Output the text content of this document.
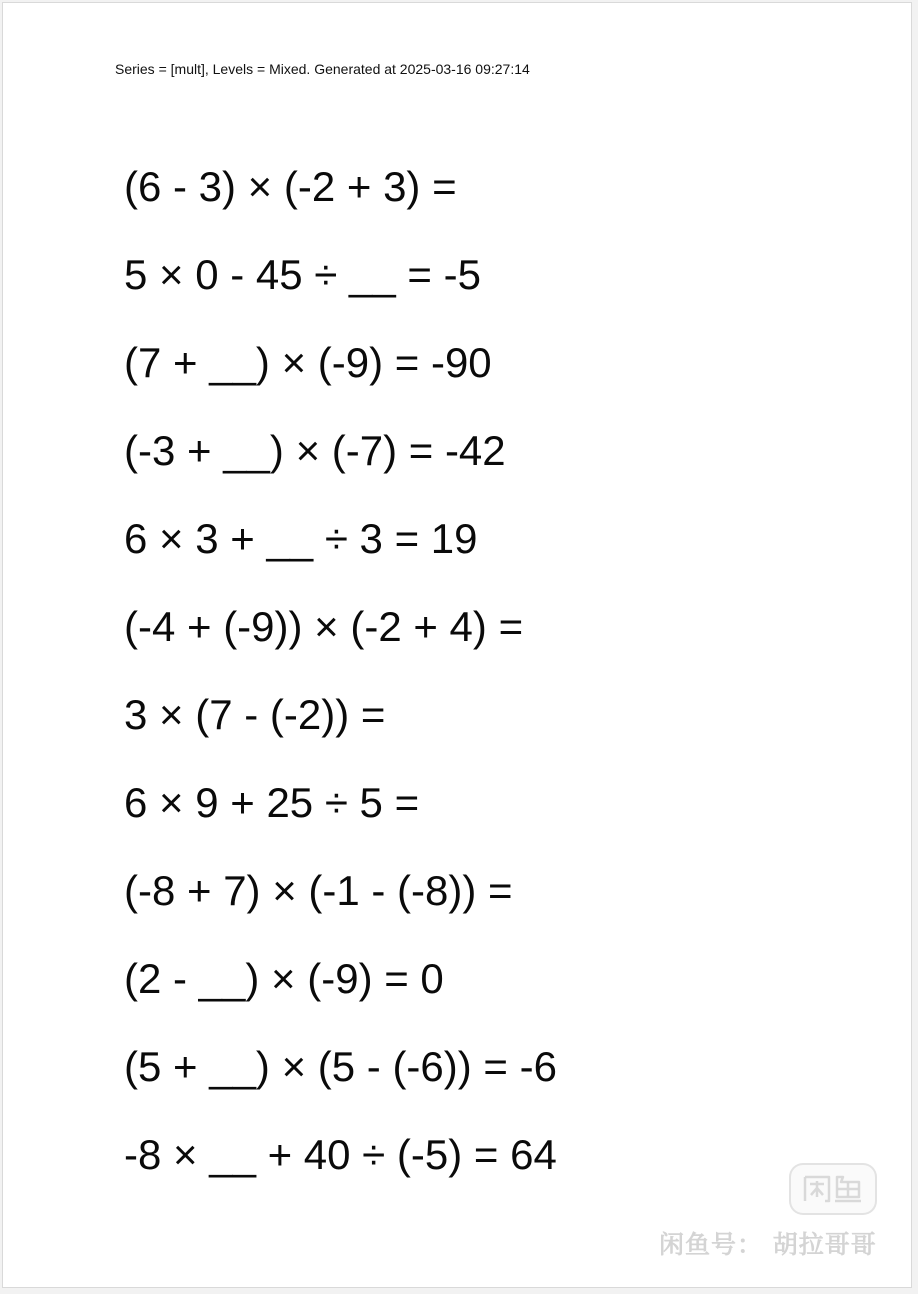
Series = [mult], Levels = Mixed. Generated at 2025-03-16 09:27:14
(6 - 3) × (-2 + 3) =
5 × 0 - 45 ÷ __ = -5
(7 + __) × (-9) = -90
(-3 + __) × (-7) = -42
6 × 3 + __ ÷ 3 = 19
(-4 + (-9)) × (-2 + 4) =
3 × (7 - (-2)) =
6 × 9 + 25 ÷ 5 =
(-8 + 7) × (-1 - (-8)) =
(2 - __) × (-9) = 0
(5 + __) × (5 - (-6)) = -6
-8 × __ + 40 ÷ (-5) = 64
闲鱼号： 胡拉哥哥
